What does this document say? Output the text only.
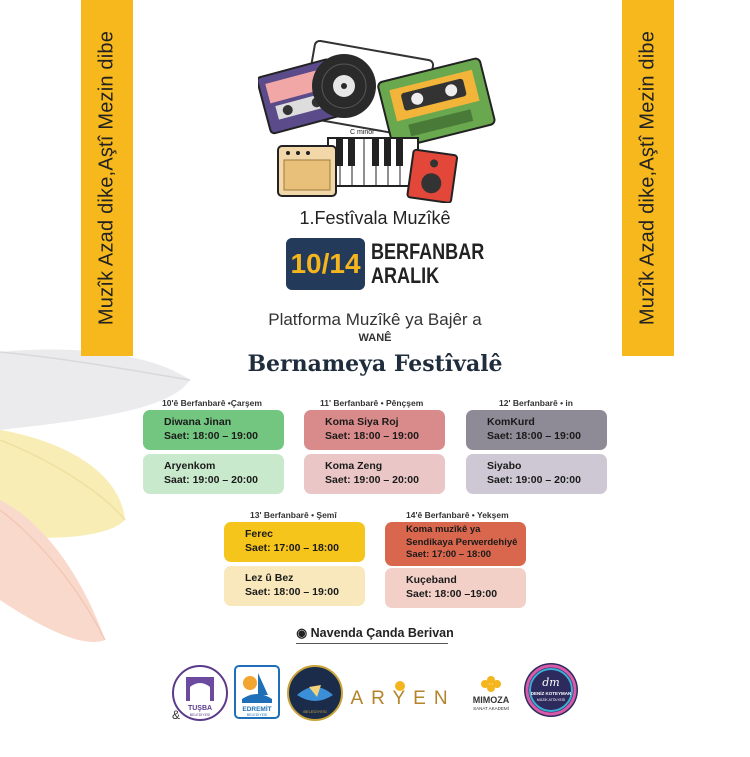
Muzîk Azad dike,Aştî Mezin dibe	Muzîk Azad dike,Aştî Mezin dibe
C minor
1.Festîvala Muzîkê
10/14 BERFANBAR
ARALIK
Platforma Muzîkê ya Bajêr a
WANÊ
Bernameya Festîvalê
10'ê Berfanbarê •Çarşem
Diwana Jinan
Saet: 18:00 – 19:00
Aryenkom
Saat: 19:00 – 20:00
11' Berfanbarê • Pênçşem
Koma Siya Roj
Saet: 18:00 – 19:00
Koma Zeng
Saet: 19:00 – 20:00
12' Berfanbarê • in
KomKurd
Saet: 18:00 – 19:00
Siyabo
Saet: 19:00 – 20:00
13' Berfanbarê • Şemî
Ferec
Saet: 17:00 – 18:00
Lez û Bez
Saet: 18:00 – 19:00
14'ê Berfanbarê • Yekşem
Koma muzîkê ya
Sendikaya Perwerdehiyê
Saet: 17:00 – 18:00
Kuçeband
Saet: 18:00 –19:00
◉ Navenda Çanda Berivan
TUŞBA
BELEDİYESİ
&	EDREMİT
BELEDİYESİ
BELEDİYESİ
ARYEN MIMOZA
SANAT AKADEMİ
dm
DENİZ KOTEYMAN
MÜZİK ATÖLYESİ
